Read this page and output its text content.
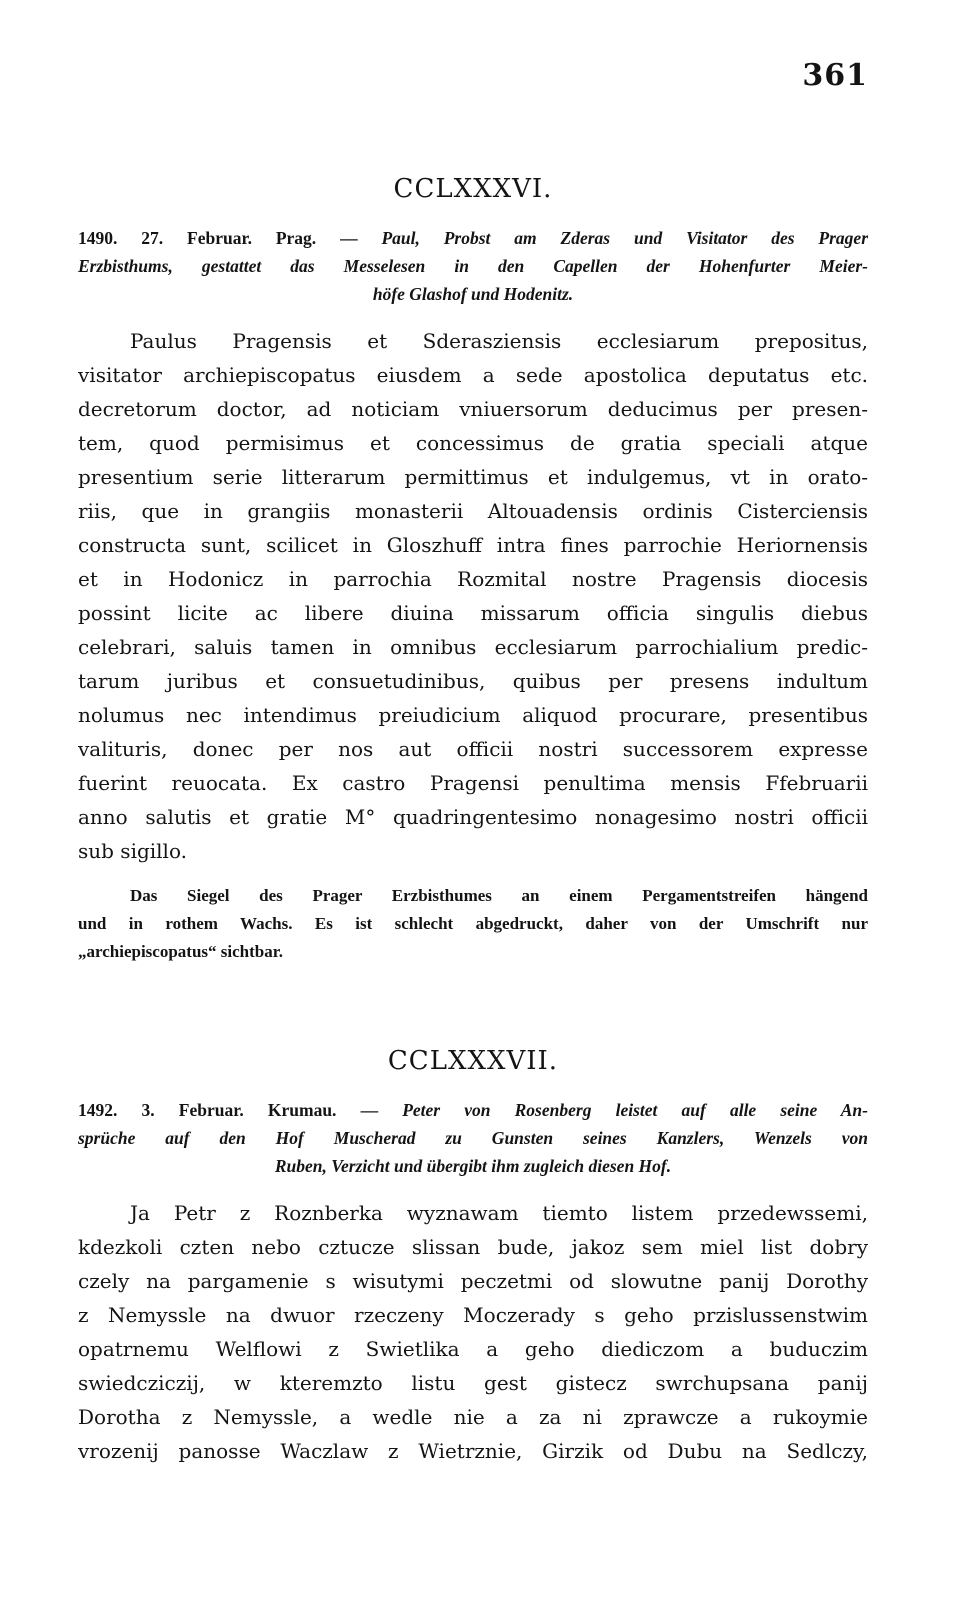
361
CCLXXXVI.
1490. 27. Februar. Prag. — Paul, Probst am Zderas und Visitator des Prager
Erzbisthums, gestattet das Messelesen in den Capellen der Hohenfurter Meier-
höfe Glashof und Hodenitz.
Paulus Pragensis et Sderasziensis ecclesiarum prepositus,
visitator archiepiscopatus eiusdem a sede apostolica deputatus etc.
decretorum doctor, ad noticiam vniuersorum deducimus per presen-
tem, quod permisimus et concessimus de gratia speciali atque
presentium serie litterarum permittimus et indulgemus, vt in orato-
riis, que in grangiis monasterii Altouadensis ordinis Cisterciensis
constructa sunt, scilicet in Gloszhuff intra fines parrochie Heriornensis
et in Hodonicz in parrochia Rozmital nostre Pragensis diocesis
possint licite ac libere diuina missarum officia singulis diebus
celebrari, saluis tamen in omnibus ecclesiarum parrochialium predic-
tarum juribus et consuetudinibus, quibus per presens indultum
nolumus nec intendimus preiudicium aliquod procurare, presentibus
valituris, donec per nos aut officii nostri successorem expresse
fuerint reuocata. Ex castro Pragensi penultima mensis Ffebruarii
anno salutis et gratie M° quadringentesimo nonagesimo nostri officii
sub sigillo.
Das Siegel des Prager Erzbisthumes an einem Pergamentstreifen hängend
und in rothem Wachs. Es ist schlecht abgedruckt, daher von der Umschrift nur
„archiepiscopatus“ sichtbar.
CCLXXXVII.
1492. 3. Februar. Krumau. — Peter von Rosenberg leistet auf alle seine An-
sprüche auf den Hof Muscherad zu Gunsten seines Kanzlers, Wenzels von
Ruben, Verzicht und übergibt ihm zugleich diesen Hof.
Ja Petr z Roznberka wyznawam tiemto listem przedewssemi,
kdezkoli czten nebo cztucze slissan bude, jakoz sem miel list dobry
czely na pargamenie s wisutymi peczetmi od slowutne panij Dorothy
z Nemyssle na dwuor rzeczeny Moczerady s geho przislussenstwim
opatrnemu Welflowi z Swietlika a geho diediczom a buduczim
swiedcziczij, w kteremzto listu gest gistecz swrchupsana panij
Dorotha z Nemyssle, a wedle nie a za ni zprawcze a rukoymie
vrozenij panosse Waczlaw z Wietrznie, Girzik od Dubu na Sedlczy,
